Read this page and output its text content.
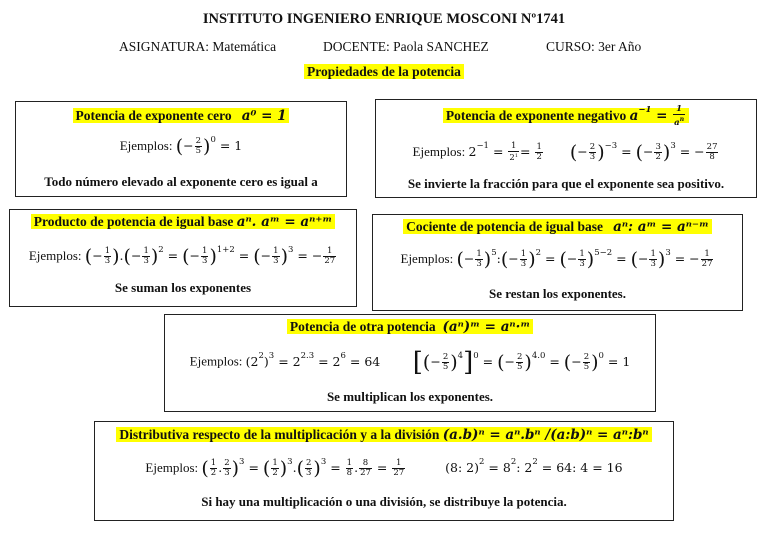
INSTITUTO INGENIERO ENRIQUE MOSCONI Nº1741
ASIGNATURA: Matemática	DOCENTE: Paola SANCHEZ	CURSO: 3er Año
Propiedades de la potencia
Potencia de exponente cero a⁰ = 1
Ejemplos: (− $\frac{2}{5} )^0 = 1$
Todo número elevado al exponente cero es igual a
Potencia de exponente negativo $a^{-1} = \frac{1}{a^n}$
Ejemplos: $2^{-1} = \frac{1}{2^1} = \frac{1}{2}$ (− $\frac{2}{3} )^{-3}$ = (− $\frac{3}{2} )^3$ = − $\frac{27}{8}$
Se invierte la fracción para que el exponente sea positivo.
Producto de potencia de igual base aⁿ. aᵐ = aⁿ⁺ᵐ
Ejemplos: (− $\frac{1}{3}$ ).(− $\frac{1}{3} )^2$ = (− $\frac{1}{3} )^{1+2}$ = (− $\frac{1}{3} )^3$ = − $\frac{1}{27}$
Se suman los exponentes
Cociente de potencia de igual base aⁿ: aᵐ = aⁿ⁻ᵐ
Ejemplos: (− $\frac{1}{3}$ )$^5$:(− $\frac{1}{3} )^2$ = (− $\frac{1}{3} )^{5-2}$ = (− $\frac{1}{3} )^3$ = − $\frac{1}{27}$
Se restan los exponentes.
Potencia de otra potencia (aⁿ)ᵐ = aⁿ·ᵐ
Ejemplos: $(2^2)^3 = 2^{2.3} = 2^6 = 64$ [(− $\frac{2}{5} )^4]^0$ = (− $\frac{2}{5} )^{4.0}$ = (− $\frac{2}{5} )^0 = 1$
Se multiplican los exponentes.
Distributiva respecto de la multiplicación y a la división (a.b)ⁿ = aⁿ.bⁿ /(a:b)ⁿ = aⁿ:bⁿ
Ejemplos: ( $\frac{1}{2}$ . $\frac{2}{3} )^3$ = ( $\frac{1}{2} )^3.( \frac{2}{3} )^3 = \frac{1}{8}$ . $\frac{8}{27} = \frac{1}{27}$	(8: $2)^2 = 8^2$: $2^2 = 64$: 4 = 16
Si hay una multiplicación o una división, se distribuye la potencia.
